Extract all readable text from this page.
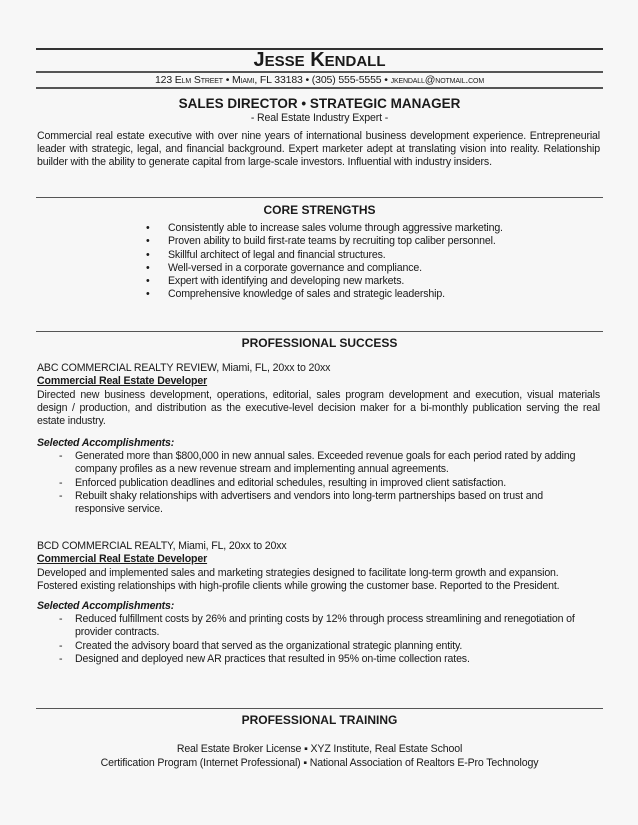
JESSE KENDALL
123 Elm Street • Miami, FL 33183 • (305) 555-5555 • jkendall@notmail.com
SALES DIRECTOR • STRATEGIC MANAGER
- Real Estate Industry Expert -
Commercial real estate executive with over nine years of international business development experience. Entrepreneurial leader with strategic, legal, and financial background. Expert marketer adept at translating vision into reality. Relationship builder with the ability to generate capital from large-scale investors. Influential with industry insiders.
CORE STRENGTHS
• Consistently able to increase sales volume through aggressive marketing.
• Proven ability to build first-rate teams by recruiting top caliber personnel.
• Skillful architect of legal and financial structures.
• Well-versed in a corporate governance and compliance.
• Expert with identifying and developing new markets.
• Comprehensive knowledge of sales and strategic leadership.
PROFESSIONAL SUCCESS
ABC COMMERCIAL REALTY REVIEW, Miami, FL, 20xx to 20xx
Commercial Real Estate Developer
Directed new business development, operations, editorial, sales program development and execution, visual materials design / production, and distribution as the executive-level decision maker for a bi-monthly publication serving the real estate industry.
Selected Accomplishments:
- Generated more than $800,000 in new annual sales. Exceeded revenue goals for each period rated by adding company profiles as a new revenue stream and implementing annual agreements.
- Enforced publication deadlines and editorial schedules, resulting in improved client satisfaction.
- Rebuilt shaky relationships with advertisers and vendors into long-term partnerships based on trust and responsive service.
BCD COMMERCIAL REALTY, Miami, FL, 20xx to 20xx
Commercial Real Estate Developer
Developed and implemented sales and marketing strategies designed to facilitate long-term growth and expansion. Fostered existing relationships with high-profile clients while growing the customer base. Reported to the President.
Selected Accomplishments:
- Reduced fulfillment costs by 26% and printing costs by 12% through process streamlining and renegotiation of provider contracts.
- Created the advisory board that served as the organizational strategic planning entity.
- Designed and deployed new AR practices that resulted in 95% on-time collection rates.
PROFESSIONAL TRAINING
Real Estate Broker License ▪ XYZ Institute, Real Estate School
Certification Program (Internet Professional) ▪ National Association of Realtors E-Pro Technology
